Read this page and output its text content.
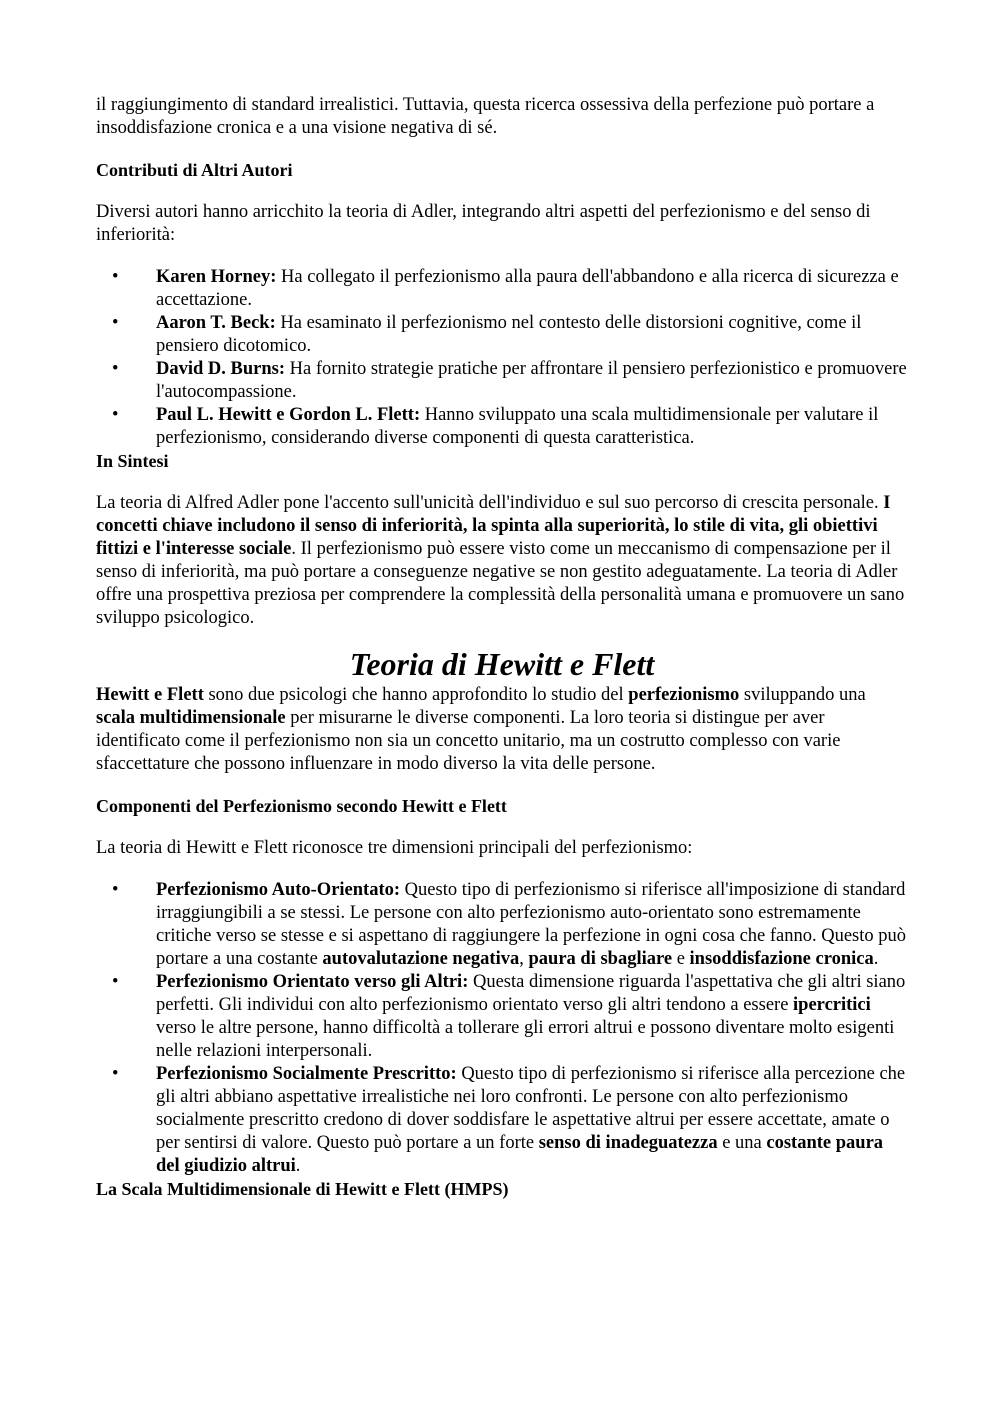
il raggiungimento di standard irrealistici. Tuttavia, questa ricerca ossessiva della perfezione può portare a insoddisfazione cronica e a una visione negativa di sé.

Contributi di Altri Autori

Diversi autori hanno arricchito la teoria di Adler, integrando altri aspetti del perfezionismo e del senso di inferiorità:

• Karen Horney: Ha collegato il perfezionismo alla paura dell'abbandono e alla ricerca di sicurezza e accettazione.
• Aaron T. Beck: Ha esaminato il perfezionismo nel contesto delle distorsioni cognitive, come il pensiero dicotomico.
• David D. Burns: Ha fornito strategie pratiche per affrontare il pensiero perfezionistico e promuovere l'autocompassione.
• Paul L. Hewitt e Gordon L. Flett: Hanno sviluppato una scala multidimensionale per valutare il perfezionismo, considerando diverse componenti di questa caratteristica.

In Sintesi

La teoria di Alfred Adler pone l'accento sull'unicità dell'individuo e sul suo percorso di crescita personale. I concetti chiave includono il senso di inferiorità, la spinta alla superiorità, lo stile di vita, gli obiettivi fittizi e l'interesse sociale. Il perfezionismo può essere visto come un meccanismo di compensazione per il senso di inferiorità, ma può portare a conseguenze negative se non gestito adeguatamente. La teoria di Adler offre una prospettiva preziosa per comprendere la complessità della personalità umana e promuovere un sano sviluppo psicologico.

Teoria di Hewitt e Flett

Hewitt e Flett sono due psicologi che hanno approfondito lo studio del perfezionismo sviluppando una scala multidimensionale per misurarne le diverse componenti. La loro teoria si distingue per aver identificato come il perfezionismo non sia un concetto unitario, ma un costrutto complesso con varie sfaccettature che possono influenzare in modo diverso la vita delle persone.

Componenti del Perfezionismo secondo Hewitt e Flett

La teoria di Hewitt e Flett riconosce tre dimensioni principali del perfezionismo:

• Perfezionismo Auto-Orientato: Questo tipo di perfezionismo si riferisce all'imposizione di standard irraggiungibili a se stessi. Le persone con alto perfezionismo auto-orientato sono estremamente critiche verso se stesse e si aspettano di raggiungere la perfezione in ogni cosa che fanno. Questo può portare a una costante autovalutazione negativa, paura di sbagliare e insoddisfazione cronica.
• Perfezionismo Orientato verso gli Altri: Questa dimensione riguarda l'aspettativa che gli altri siano perfetti. Gli individui con alto perfezionismo orientato verso gli altri tendono a essere ipercritici verso le altre persone, hanno difficoltà a tollerare gli errori altrui e possono diventare molto esigenti nelle relazioni interpersonali.
• Perfezionismo Socialmente Prescritto: Questo tipo di perfezionismo si riferisce alla percezione che gli altri abbiano aspettative irrealistiche nei loro confronti. Le persone con alto perfezionismo socialmente prescritto credono di dover soddisfare le aspettative altrui per essere accettate, amate o per sentirsi di valore. Questo può portare a un forte senso di inadeguatezza e una costante paura del giudizio altrui.

La Scala Multidimensionale di Hewitt e Flett (HMPS)
